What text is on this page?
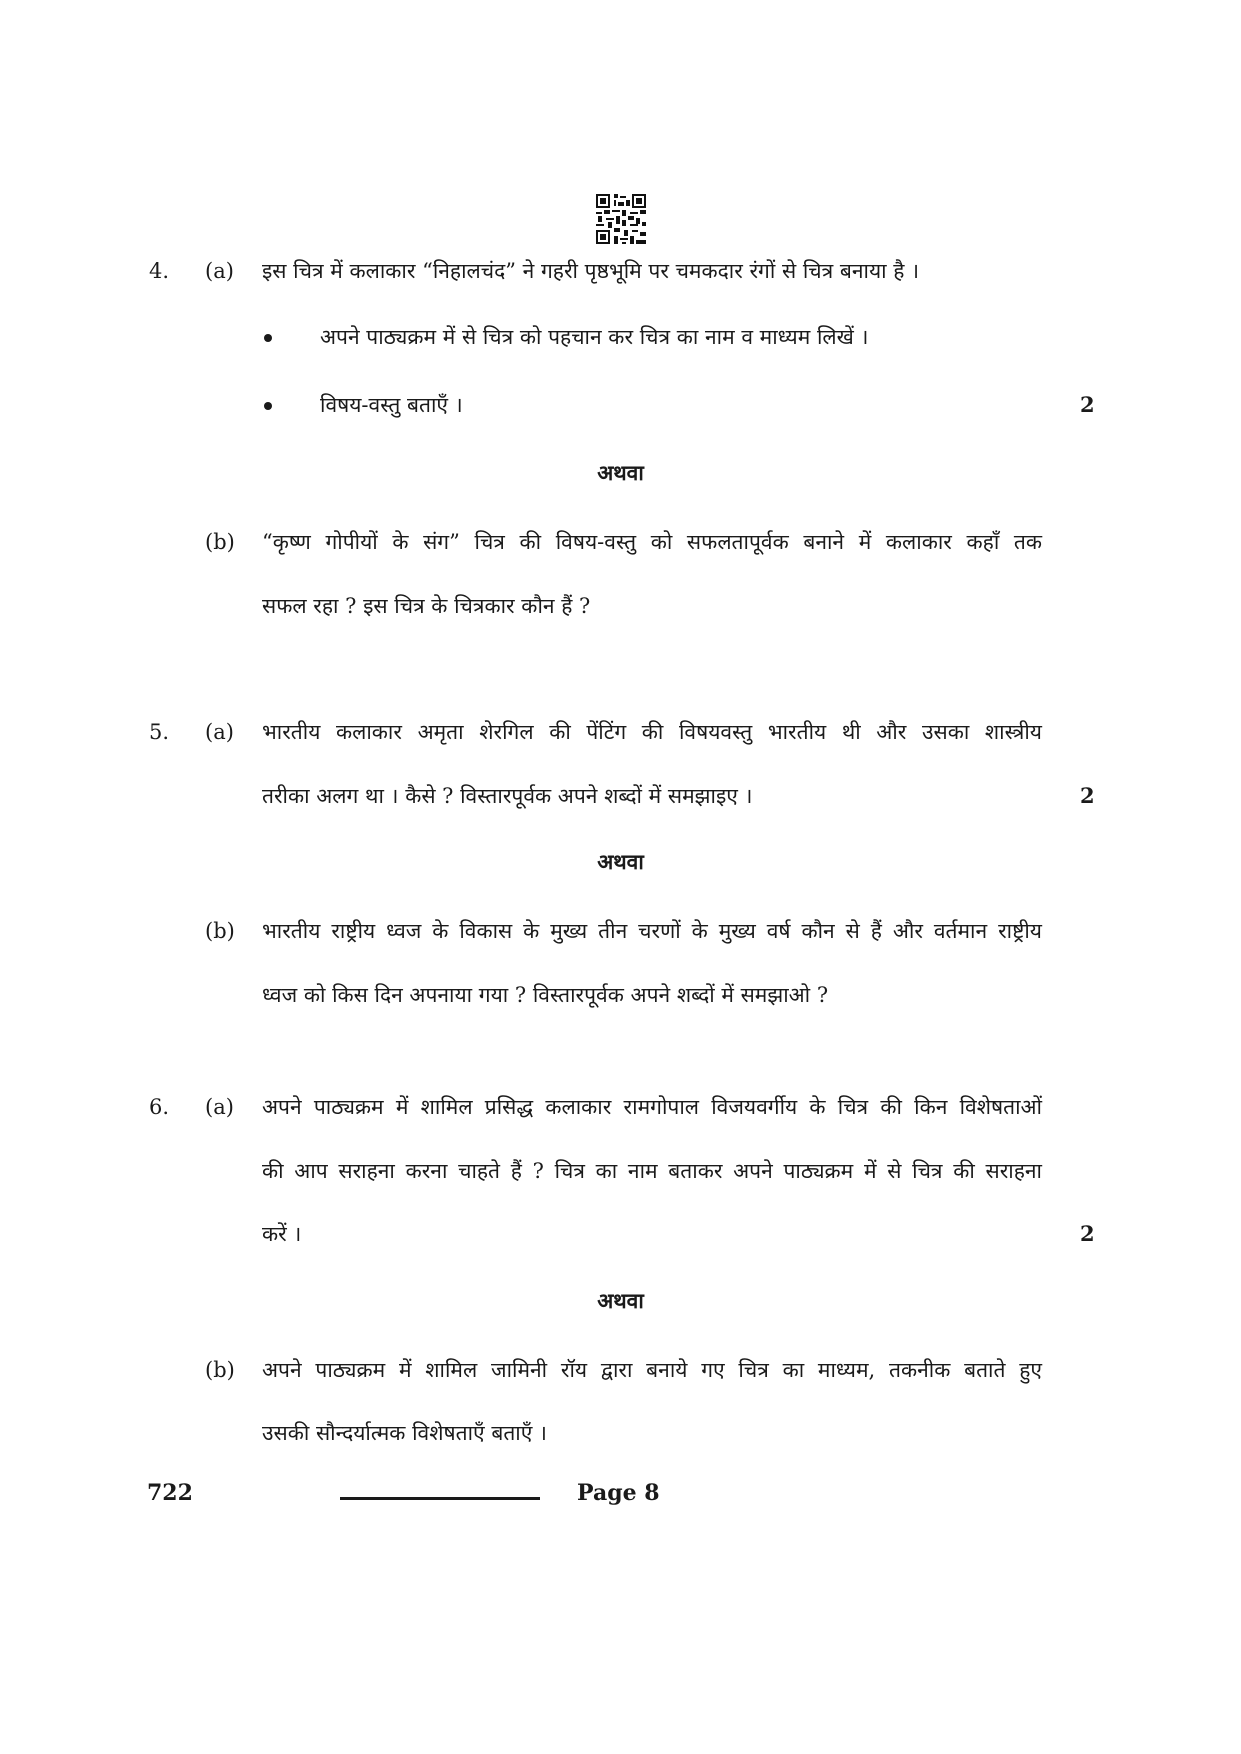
4. (a) इस चित्र में कलाकार “निहालचंद” ने गहरी पृष्ठभूमि पर चमकदार रंगों से चित्र बनाया है ।
अपने पाठ्यक्रम में से चित्र को पहचान कर चित्र का नाम व माध्यम लिखें ।
विषय-वस्तु बताएँ ।	2
अथवा
(b) “कृष्ण गोपीयों के संग” चित्र की विषय-वस्तु को सफलतापूर्वक बनाने में कलाकार कहाँ तक
सफल रहा ? इस चित्र के चित्रकार कौन हैं ?
5. (a) भारतीय कलाकार अमृता शेरगिल की पेंटिंग की विषयवस्तु भारतीय थी और उसका शास्त्रीय
तरीका अलग था । कैसे ? विस्तारपूर्वक अपने शब्दों में समझाइए ।	2
अथवा
(b) भारतीय राष्ट्रीय ध्वज के विकास के मुख्य तीन चरणों के मुख्य वर्ष कौन से हैं और वर्तमान राष्ट्रीय
ध्वज को किस दिन अपनाया गया ? विस्तारपूर्वक अपने शब्दों में समझाओ ?
6. (a) अपने पाठ्यक्रम में शामिल प्रसिद्ध कलाकार रामगोपाल विजयवर्गीय के चित्र की किन विशेषताओं
की आप सराहना करना चाहते हैं ? चित्र का नाम बताकर अपने पाठ्यक्रम में से चित्र की सराहना
करें ।	2
अथवा
(b) अपने पाठ्यक्रम में शामिल जामिनी रॉय द्वारा बनाये गए चित्र का माध्यम, तकनीक बताते हुए
उसकी सौन्दर्यात्मक विशेषताएँ बताएँ ।
722	Page 8
